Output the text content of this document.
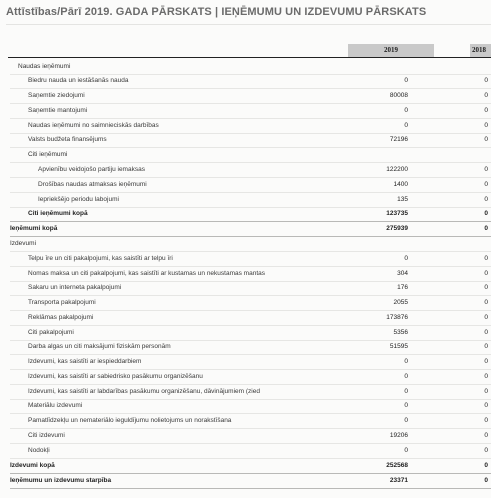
Attīstības/Pārī 2019. GADA PĀRSKATS | IEŅĒMUMU UN IZDEVUMU PĀRSKATS
2019	2018
Naudas ieņēmumi
Biedru nauda un iestāšanās nauda	0	0
Saņemtie ziedojumi	80008	0
Saņemtie mantojumi	0	0
Naudas ieņēmumi no saimnieciskās darbības	0	0
Valsts budžeta finansējums	72196	0
Citi ieņēmumi
Apvienību veidojošo partiju iemaksas	122200	0
Drošības naudas atmaksas ieņēmumi	1400	0
Iepriekšējo periodu labojumi	135	0
Citi ieņēmumi kopā	123735	0
Ieņēmumi kopā	275939	0
Izdevumi
Telpu īre un citi pakalpojumi, kas saistīti ar telpu īri	0	0
Nomas maksa un citi pakalpojumi, kas saistīti ar kustamas un nekustamas mantas	304	0
Sakaru un interneta pakalpojumi	176	0
Transporta pakalpojumi	2055	0
Reklāmas pakalpojumi	173876	0
Citi pakalpojumi	5356	0
Darba algas un citi maksājumi fiziskām personām	51595	0
Izdevumi, kas saistīti ar iespieddarbiem	0	0
Izdevumi, kas saistīti ar sabiedrisko pasākumu organizēšanu	0	0
Izdevumi, kas saistīti ar labdarības pasākumu organizēšanu, dāvinājumiem (zied	0	0
Materiālu izdevumi	0	0
Pamatlīdzekļu un nemateriālo ieguldījumu nolietojums un norakstīšana	0	0
Citi izdevumi	19206	0
Nodokļi	0	0
Izdevumi kopā	252568	0
Ieņēmumu un izdevumu starpība	23371	0
